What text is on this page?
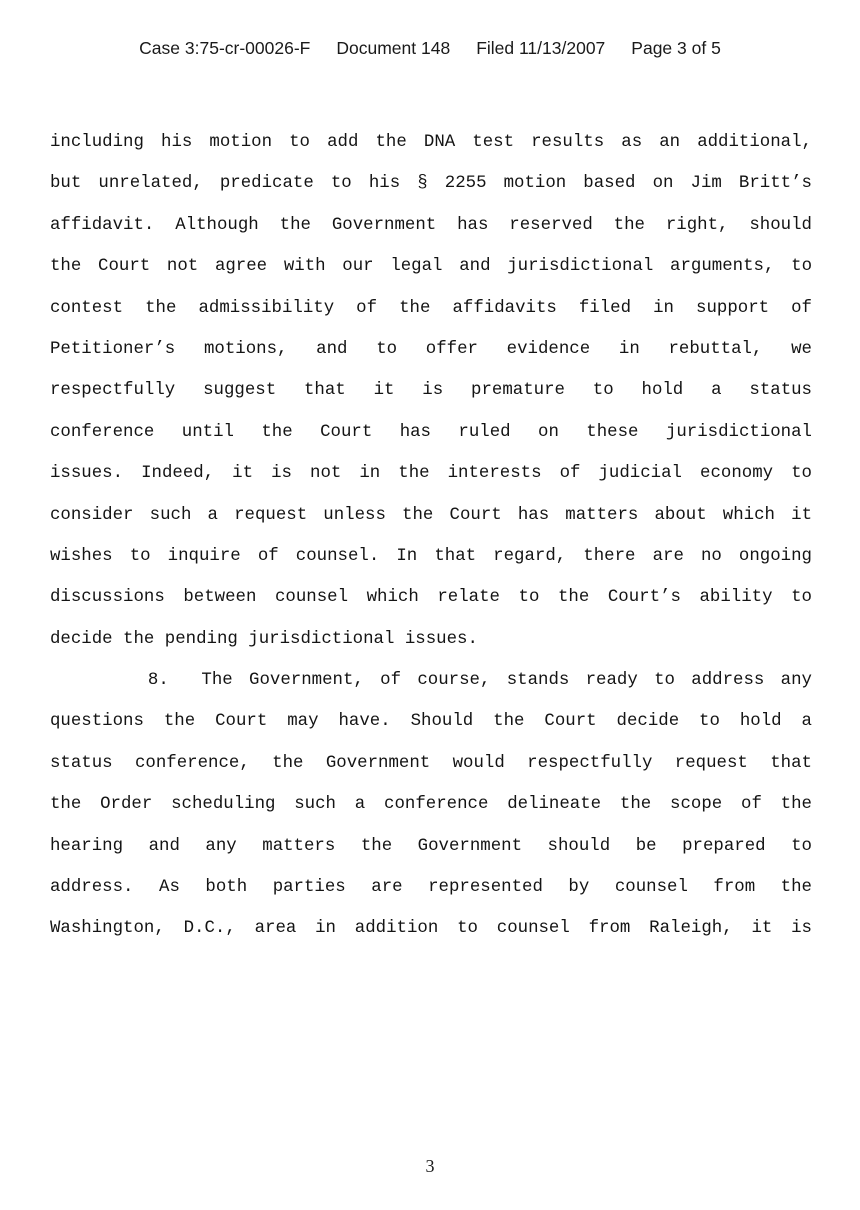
Case 3:75-cr-00026-F Document 148 Filed 11/13/2007 Page 3 of 5
including his motion to add the DNA test results as an additional,
but unrelated, predicate to his § 2255 motion based on Jim Britt’s
affidavit. Although the Government has reserved the right, should
the Court not agree with our legal and jurisdictional arguments, to
contest the admissibility of the affidavits filed in support of
Petitioner’s motions, and to offer evidence in rebuttal, we
respectfully suggest that it is premature to hold a status
conference until the Court has ruled on these jurisdictional
issues. Indeed, it is not in the interests of judicial economy to
consider such a request unless the Court has matters about which it
wishes to inquire of counsel. In that regard, there are no ongoing
discussions between counsel which relate to the Court’s ability to
decide the pending jurisdictional issues.
8.  The Government, of course, stands ready to address any
questions the Court may have. Should the Court decide to hold a
status conference, the Government would respectfully request that
the Order scheduling such a conference delineate the scope of the
hearing and any matters the Government should be prepared to
address. As both parties are represented by counsel from the
Washington, D.C., area in addition to counsel from Raleigh, it is
3
